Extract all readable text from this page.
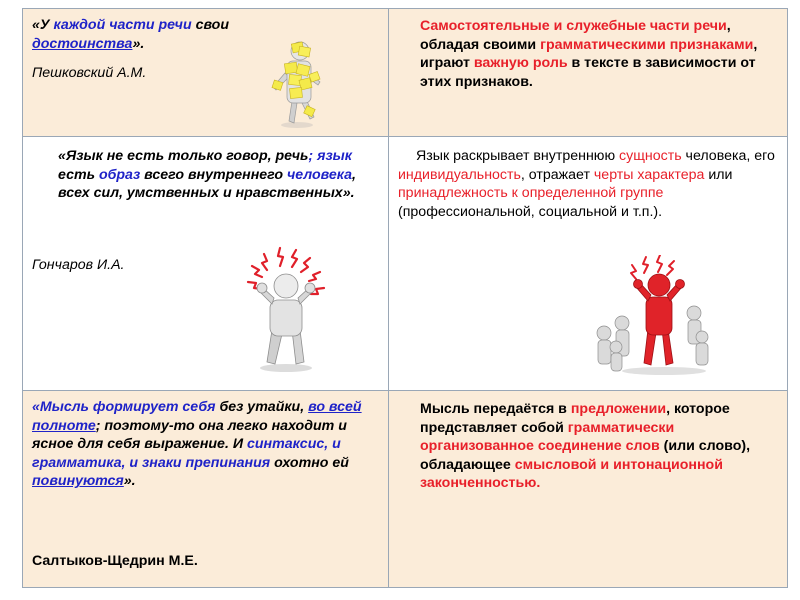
«У каждой части речи свои достоинства».
Пешковский А.М.	Самостоятельные и служебные части речи, обладая своими грамматическими признаками, играют важную роль в тексте в зависимости от этих признаков.

«Язык не есть только говор, речь; язык есть образ всего внутреннего человека, всех сил, умственных и нравственных».
Гончаров И.А.	Язык раскрывает внутреннюю сущность человека, его индивидуальность, отражает черты характера или принадлежность к определенной группе (профессиональной, социальной и т.п.).

«Мысль формирует себя без утайки, во всей полноте; поэтому-то она легко находит и ясное для себя выражение. И синтаксис, и грамматика, и знаки препинания охотно ей повинуются».
Салтыков-Щедрин М.Е.	Мысль передаётся в предложении, которое представляет собой грамматически организованное соединение слов (или слово), обладающее смысловой и интонационной законченностью.
